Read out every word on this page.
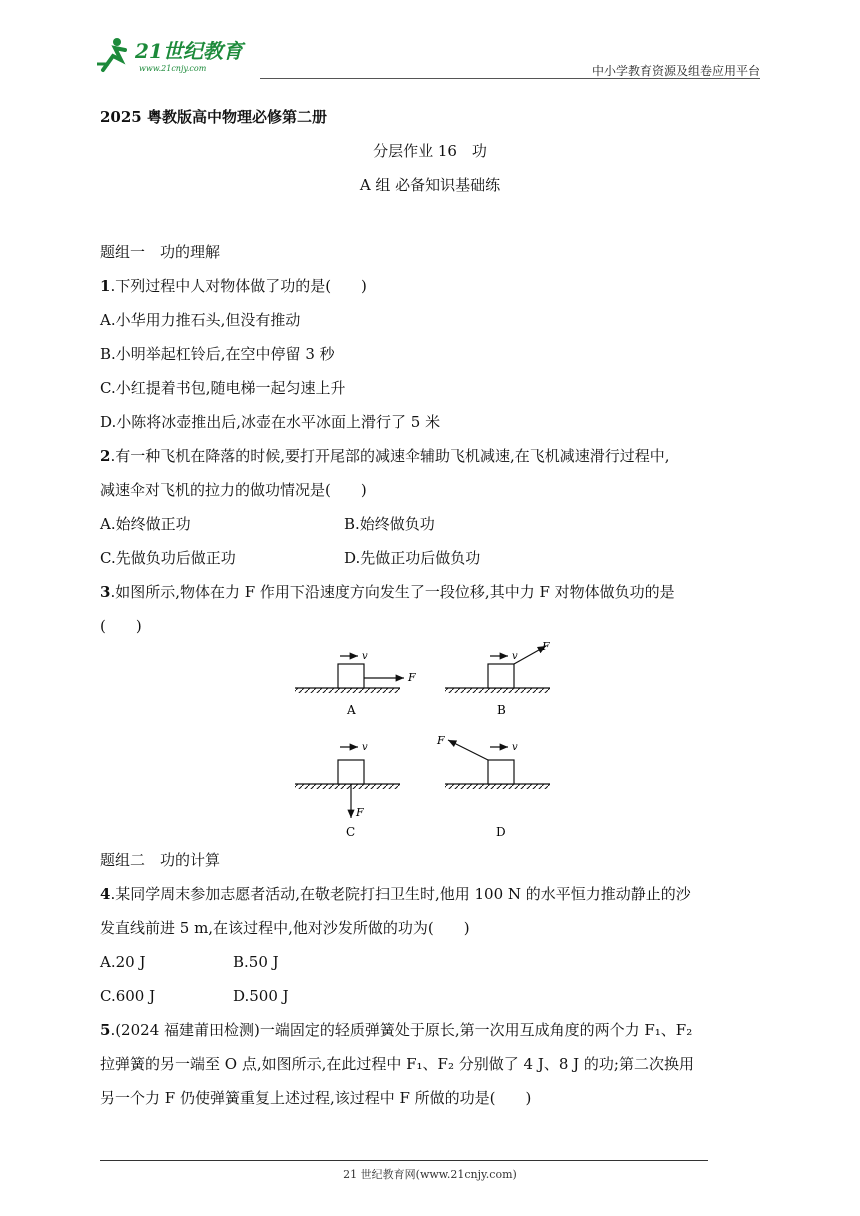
21世纪教育
www.21cnjy.com	中小学教育资源及组卷应用平台
2025 粤教版高中物理必修第二册
分层作业 16　功
A 组 必备知识基础练
题组一　功的理解
1.下列过程中人对物体做了功的是(　　)
A.小华用力推石头,但没有推动
B.小明举起杠铃后,在空中停留 3 秒
C.小红提着书包,随电梯一起匀速上升
D.小陈将冰壶推出后,冰壶在水平冰面上滑行了 5 米
2.有一种飞机在降落的时候,要打开尾部的减速伞辅助飞机减速,在飞机减速滑行过程中,
减速伞对飞机的拉力的做功情况是(　　)
A.始终做正功	B.始终做负功
C.先做负功后做正功	D.先做正功后做负功
3.如图所示,物体在力 F 作用下沿速度方向发生了一段位移,其中力 F 对物体做负功的是
(　　)
v
F
A
v
F
B
v
F
C
v
F
D
题组二　功的计算
4.某同学周末参加志愿者活动,在敬老院打扫卫生时,他用 100 N 的水平恒力推动静止的沙
发直线前进 5 m,在该过程中,他对沙发所做的功为(　　)
A.20 J	B.50 J
C.600 J	D.500 J
5.(2024 福建莆田检测)一端固定的轻质弹簧处于原长,第一次用互成角度的两个力 F₁、F₂
拉弹簧的另一端至 O 点,如图所示,在此过程中 F₁、F₂ 分别做了 4 J、8 J 的功;第二次换用
另一个力 F 仍使弹簧重复上述过程,该过程中 F 所做的功是(　　)
21 世纪教育网(www.21cnjy.com)
